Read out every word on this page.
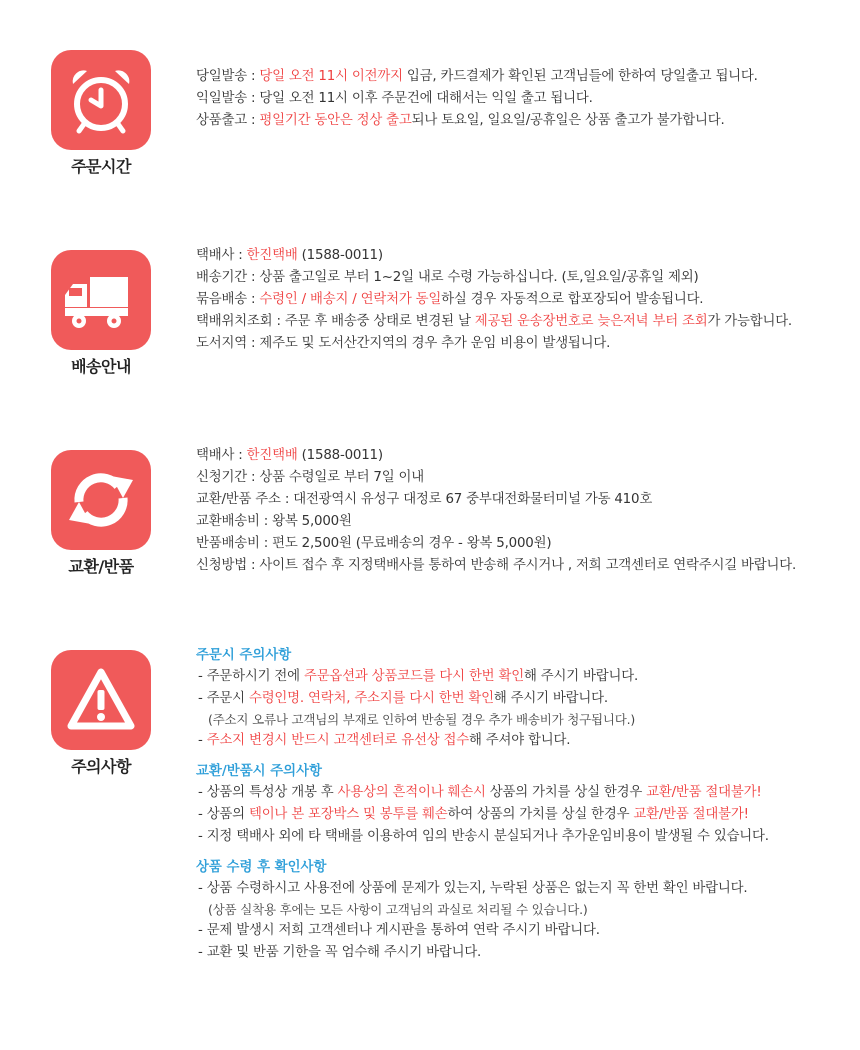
주문시간
당일발송 : 당일 오전 11시 이전까지 입금, 카드결제가 확인된 고객님들에 한하여 당일출고 됩니다.
익일발송 : 당일 오전 11시 이후 주문건에 대해서는 익일 출고 됩니다.
상품출고 : 평일기간 동안은 정상 출고되나 토요일, 일요일/공휴일은 상품 출고가 불가합니다.
배송안내
택배사 : 한진택배 (1588-0011)
배송기간 : 상품 출고일로 부터 1~2일 내로 수령 가능하십니다. (토,일요일/공휴일 제외)
묶음배송 : 수령인 / 배송지 / 연락처가 동일하실 경우 자동적으로 합포장되어 발송됩니다.
택배위치조회 : 주문 후 배송중 상태로 변경된 날 제공된 운송장번호로 늦은저녁 부터 조회가 가능합니다.
도서지역 : 제주도 및 도서산간지역의 경우 추가 운임 비용이 발생됩니다.
교환/반품
택배사 : 한진택배 (1588-0011)
신청기간 : 상품 수령일로 부터 7일 이내
교환/반품 주소 : 대전광역시 유성구 대정로 67 중부대전화물터미널 가동 410호
교환배송비 : 왕복 5,000원
반품배송비 : 편도 2,500원 (무료배송의 경우 - 왕복 5,000원)
신청방법 : 사이트 접수 후 지정택배사를 통하여 반송해 주시거나 , 저희 고객센터로 연락주시길 바랍니다.
주의사항
주문시 주의사항
- 주문하시기 전에 주문옵션과 상품코드를 다시 한번 확인해 주시기 바랍니다.
- 주문시 수령인명. 연락처, 주소지를 다시 한번 확인해 주시기 바랍니다.
(주소지 오류나 고객님의 부재로 인하여 반송될 경우 추가 배송비가 청구됩니다.)
- 주소지 변경시 반드시 고객센터로 유선상 접수해 주셔야 합니다.
교환/반품시 주의사항
- 상품의 특성상 개봉 후 사용상의 흔적이나 훼손시 상품의 가치를 상실 한경우 교환/반품 절대불가!
- 상품의 텍이나 본 포장박스 및 봉투를 훼손하여 상품의 가치를 상실 한경우 교환/반품 절대불가!
- 지정 택배사 외에 타 택배를 이용하여 임의 반송시 분실되거나 추가운임비용이 발생될 수 있습니다.
상품 수령 후 확인사항
- 상품 수령하시고 사용전에 상품에 문제가 있는지, 누락된 상품은 없는지 꼭 한번 확인 바랍니다.
(상품 실착용 후에는 모든 사항이 고객님의 과실로 처리될 수 있습니다.)
- 문제 발생시 저희 고객센터나 게시판을 통하여 연락 주시기 바랍니다.
- 교환 및 반품 기한을 꼭 엄수해 주시기 바랍니다.
